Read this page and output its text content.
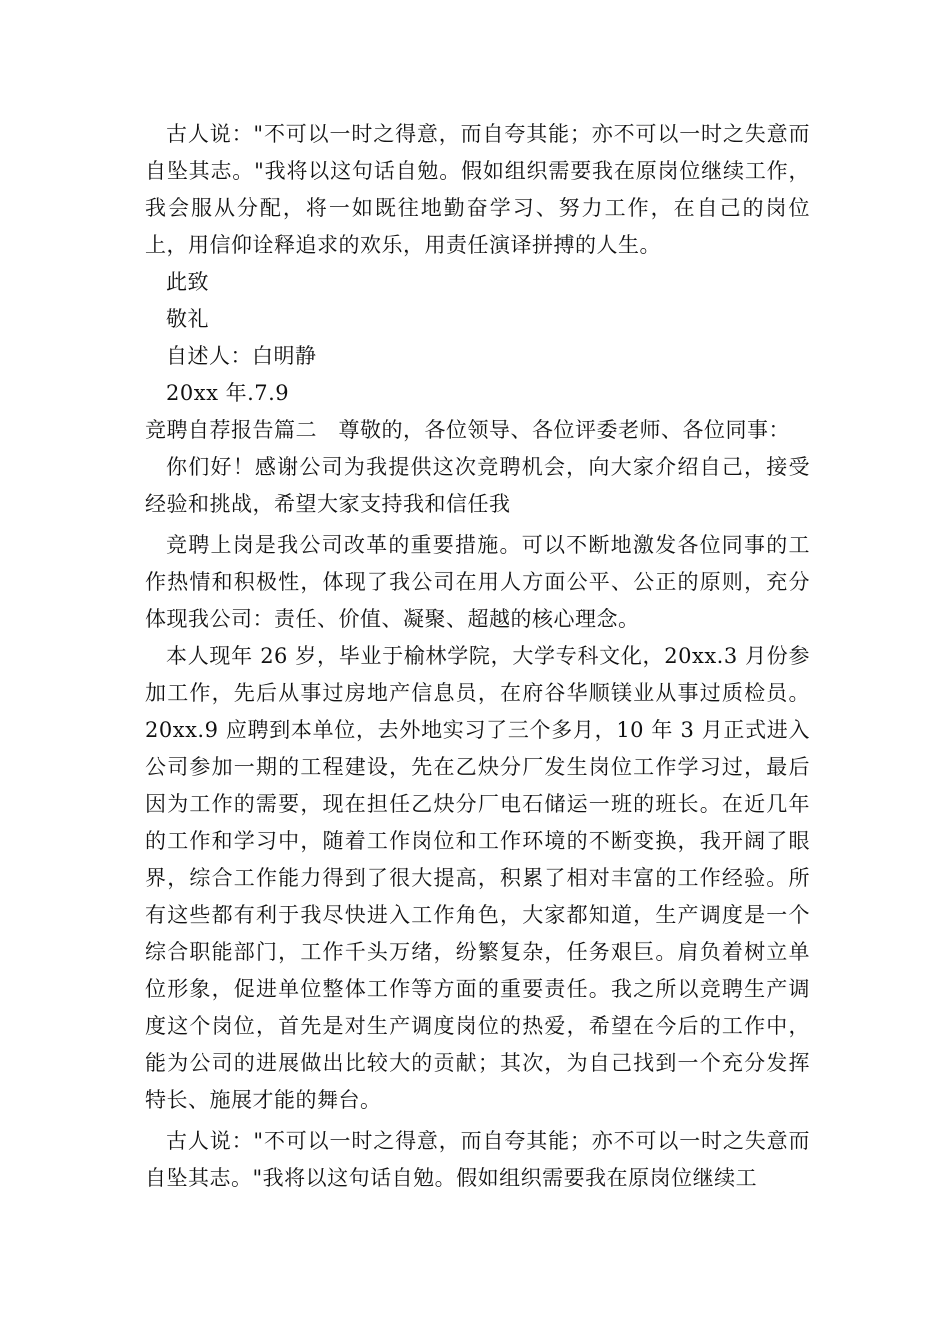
古人说："不可以一时之得意，而自夸其能；亦不可以一时之失意而自坠其志。"我将以这句话自勉。假如组织需要我在原岗位继续工作，我会服从分配，将一如既往地勤奋学习、努力工作，在自己的岗位上，用信仰诠释追求的欢乐，用责任演译拼搏的人生。

此致

敬礼

自述人：白明静

20xx 年.7.9

竞聘自荐报告篇二　尊敬的，各位领导、各位评委老师、各位同事：

你们好！感谢公司为我提供这次竞聘机会，向大家介绍自己，接受经验和挑战，希望大家支持我和信任我

竞聘上岗是我公司改革的重要措施。可以不断地激发各位同事的工作热情和积极性，体现了我公司在用人方面公平、公正的原则，充分体现我公司：责任、价值、凝聚、超越的核心理念。

本人现年 26 岁，毕业于榆林学院，大学专科文化，20xx.3 月份参加工作，先后从事过房地产信息员，在府谷华顺镁业从事过质检员。20xx.9 应聘到本单位，去外地实习了三个多月，10 年 3 月正式进入公司参加一期的工程建设，先在乙炔分厂发生岗位工作学习过，最后因为工作的需要，现在担任乙炔分厂电石储运一班的班长。在近几年的工作和学习中，随着工作岗位和工作环境的不断变换，我开阔了眼界，综合工作能力得到了很大提高，积累了相对丰富的工作经验。所有这些都有利于我尽快进入工作角色，大家都知道，生产调度是一个综合职能部门，工作千头万绪，纷繁复杂，任务艰巨。肩负着树立单位形象，促进单位整体工作等方面的重要责任。我之所以竞聘生产调度这个岗位，首先是对生产调度岗位的热爱，希望在今后的工作中，能为公司的进展做出比较大的贡献；其次，为自己找到一个充分发挥特长、施展才能的舞台。

古人说："不可以一时之得意，而自夸其能；亦不可以一时之失意而自坠其志。"我将以这句话自勉。假如组织需要我在原岗位继续工
